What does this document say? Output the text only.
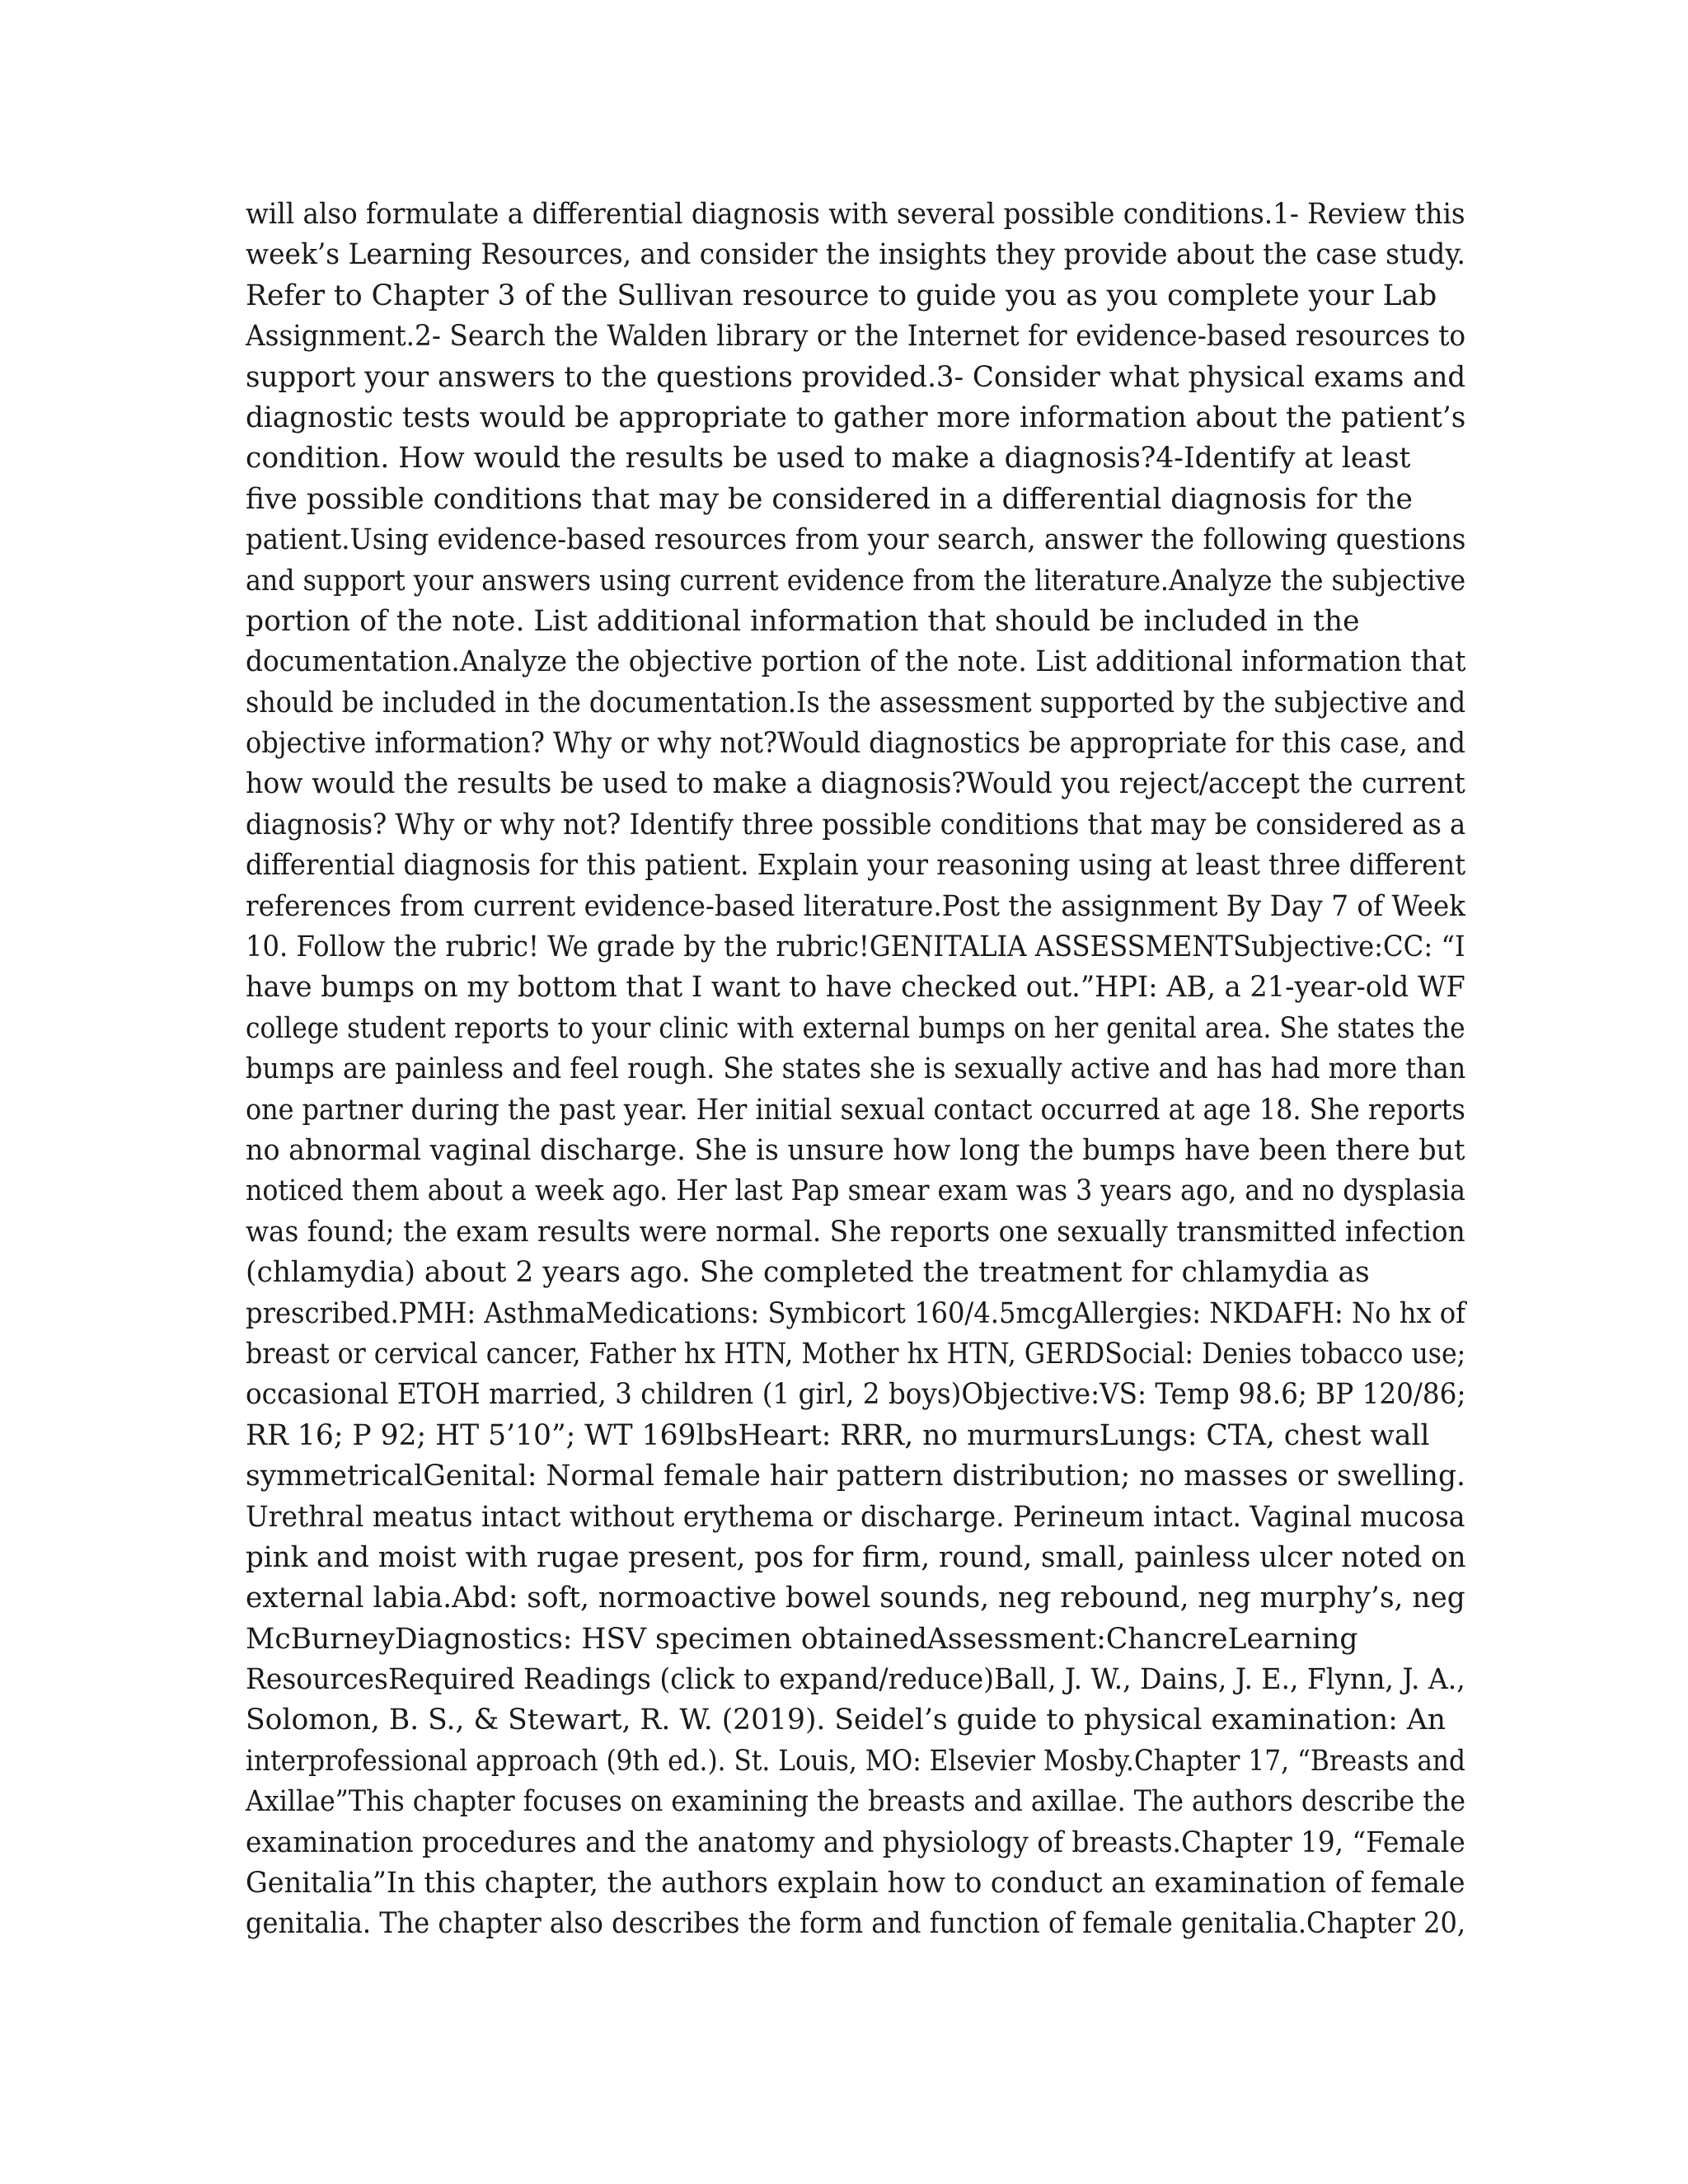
will also formulate a differential diagnosis with several possible conditions.1- Review this
week’s Learning Resources, and consider the insights they provide about the case study.
Refer to Chapter 3 of the Sullivan resource to guide you as you complete your Lab
Assignment.2- Search the Walden library or the Internet for evidence-based resources to
support your answers to the questions provided.3- Consider what physical exams and
diagnostic tests would be appropriate to gather more information about the patient’s
condition. How would the results be used to make a diagnosis?4-Identify at least
five possible conditions that may be considered in a differential diagnosis for the
patient.Using evidence-based resources from your search, answer the following questions
and support your answers using current evidence from the literature.Analyze the subjective
portion of the note. List additional information that should be included in the
documentation.Analyze the objective portion of the note. List additional information that
should be included in the documentation.Is the assessment supported by the subjective and
objective information? Why or why not?Would diagnostics be appropriate for this case, and
how would the results be used to make a diagnosis?Would you reject/accept the current
diagnosis? Why or why not? Identify three possible conditions that may be considered as a
differential diagnosis for this patient. Explain your reasoning using at least three different
references from current evidence-based literature.Post the assignment By Day 7 of Week
10. Follow the rubric! We grade by the rubric!GENITALIA ASSESSMENTSubjective:CC: “I
have bumps on my bottom that I want to have checked out.”HPI: AB, a 21-year-old WF
college student reports to your clinic with external bumps on her genital area. She states the
bumps are painless and feel rough. She states she is sexually active and has had more than
one partner during the past year. Her initial sexual contact occurred at age 18. She reports
no abnormal vaginal discharge. She is unsure how long the bumps have been there but
noticed them about a week ago. Her last Pap smear exam was 3 years ago, and no dysplasia
was found; the exam results were normal. She reports one sexually transmitted infection
(chlamydia) about 2 years ago. She completed the treatment for chlamydia as
prescribed.PMH: AsthmaMedications: Symbicort 160/4.5mcgAllergies: NKDAFH: No hx of
breast or cervical cancer, Father hx HTN, Mother hx HTN, GERDSocial: Denies tobacco use;
occasional ETOH married, 3 children (1 girl, 2 boys)Objective:VS: Temp 98.6; BP 120/86;
RR 16; P 92; HT 5’10”; WT 169lbsHeart: RRR, no murmursLungs: CTA, chest wall
symmetricalGenital: Normal female hair pattern distribution; no masses or swelling.
Urethral meatus intact without erythema or discharge. Perineum intact. Vaginal mucosa
pink and moist with rugae present, pos for firm, round, small, painless ulcer noted on
external labia.Abd: soft, normoactive bowel sounds, neg rebound, neg murphy’s, neg
McBurneyDiagnostics: HSV specimen obtainedAssessment:ChancreLearning
ResourcesRequired Readings (click to expand/reduce)Ball, J. W., Dains, J. E., Flynn, J. A.,
Solomon, B. S., & Stewart, R. W. (2019). Seidel’s guide to physical examination: An
interprofessional approach (9th ed.). St. Louis, MO: Elsevier Mosby.Chapter 17, “Breasts and
Axillae”This chapter focuses on examining the breasts and axillae. The authors describe the
examination procedures and the anatomy and physiology of breasts.Chapter 19, “Female
Genitalia”In this chapter, the authors explain how to conduct an examination of female
genitalia. The chapter also describes the form and function of female genitalia.Chapter 20,
